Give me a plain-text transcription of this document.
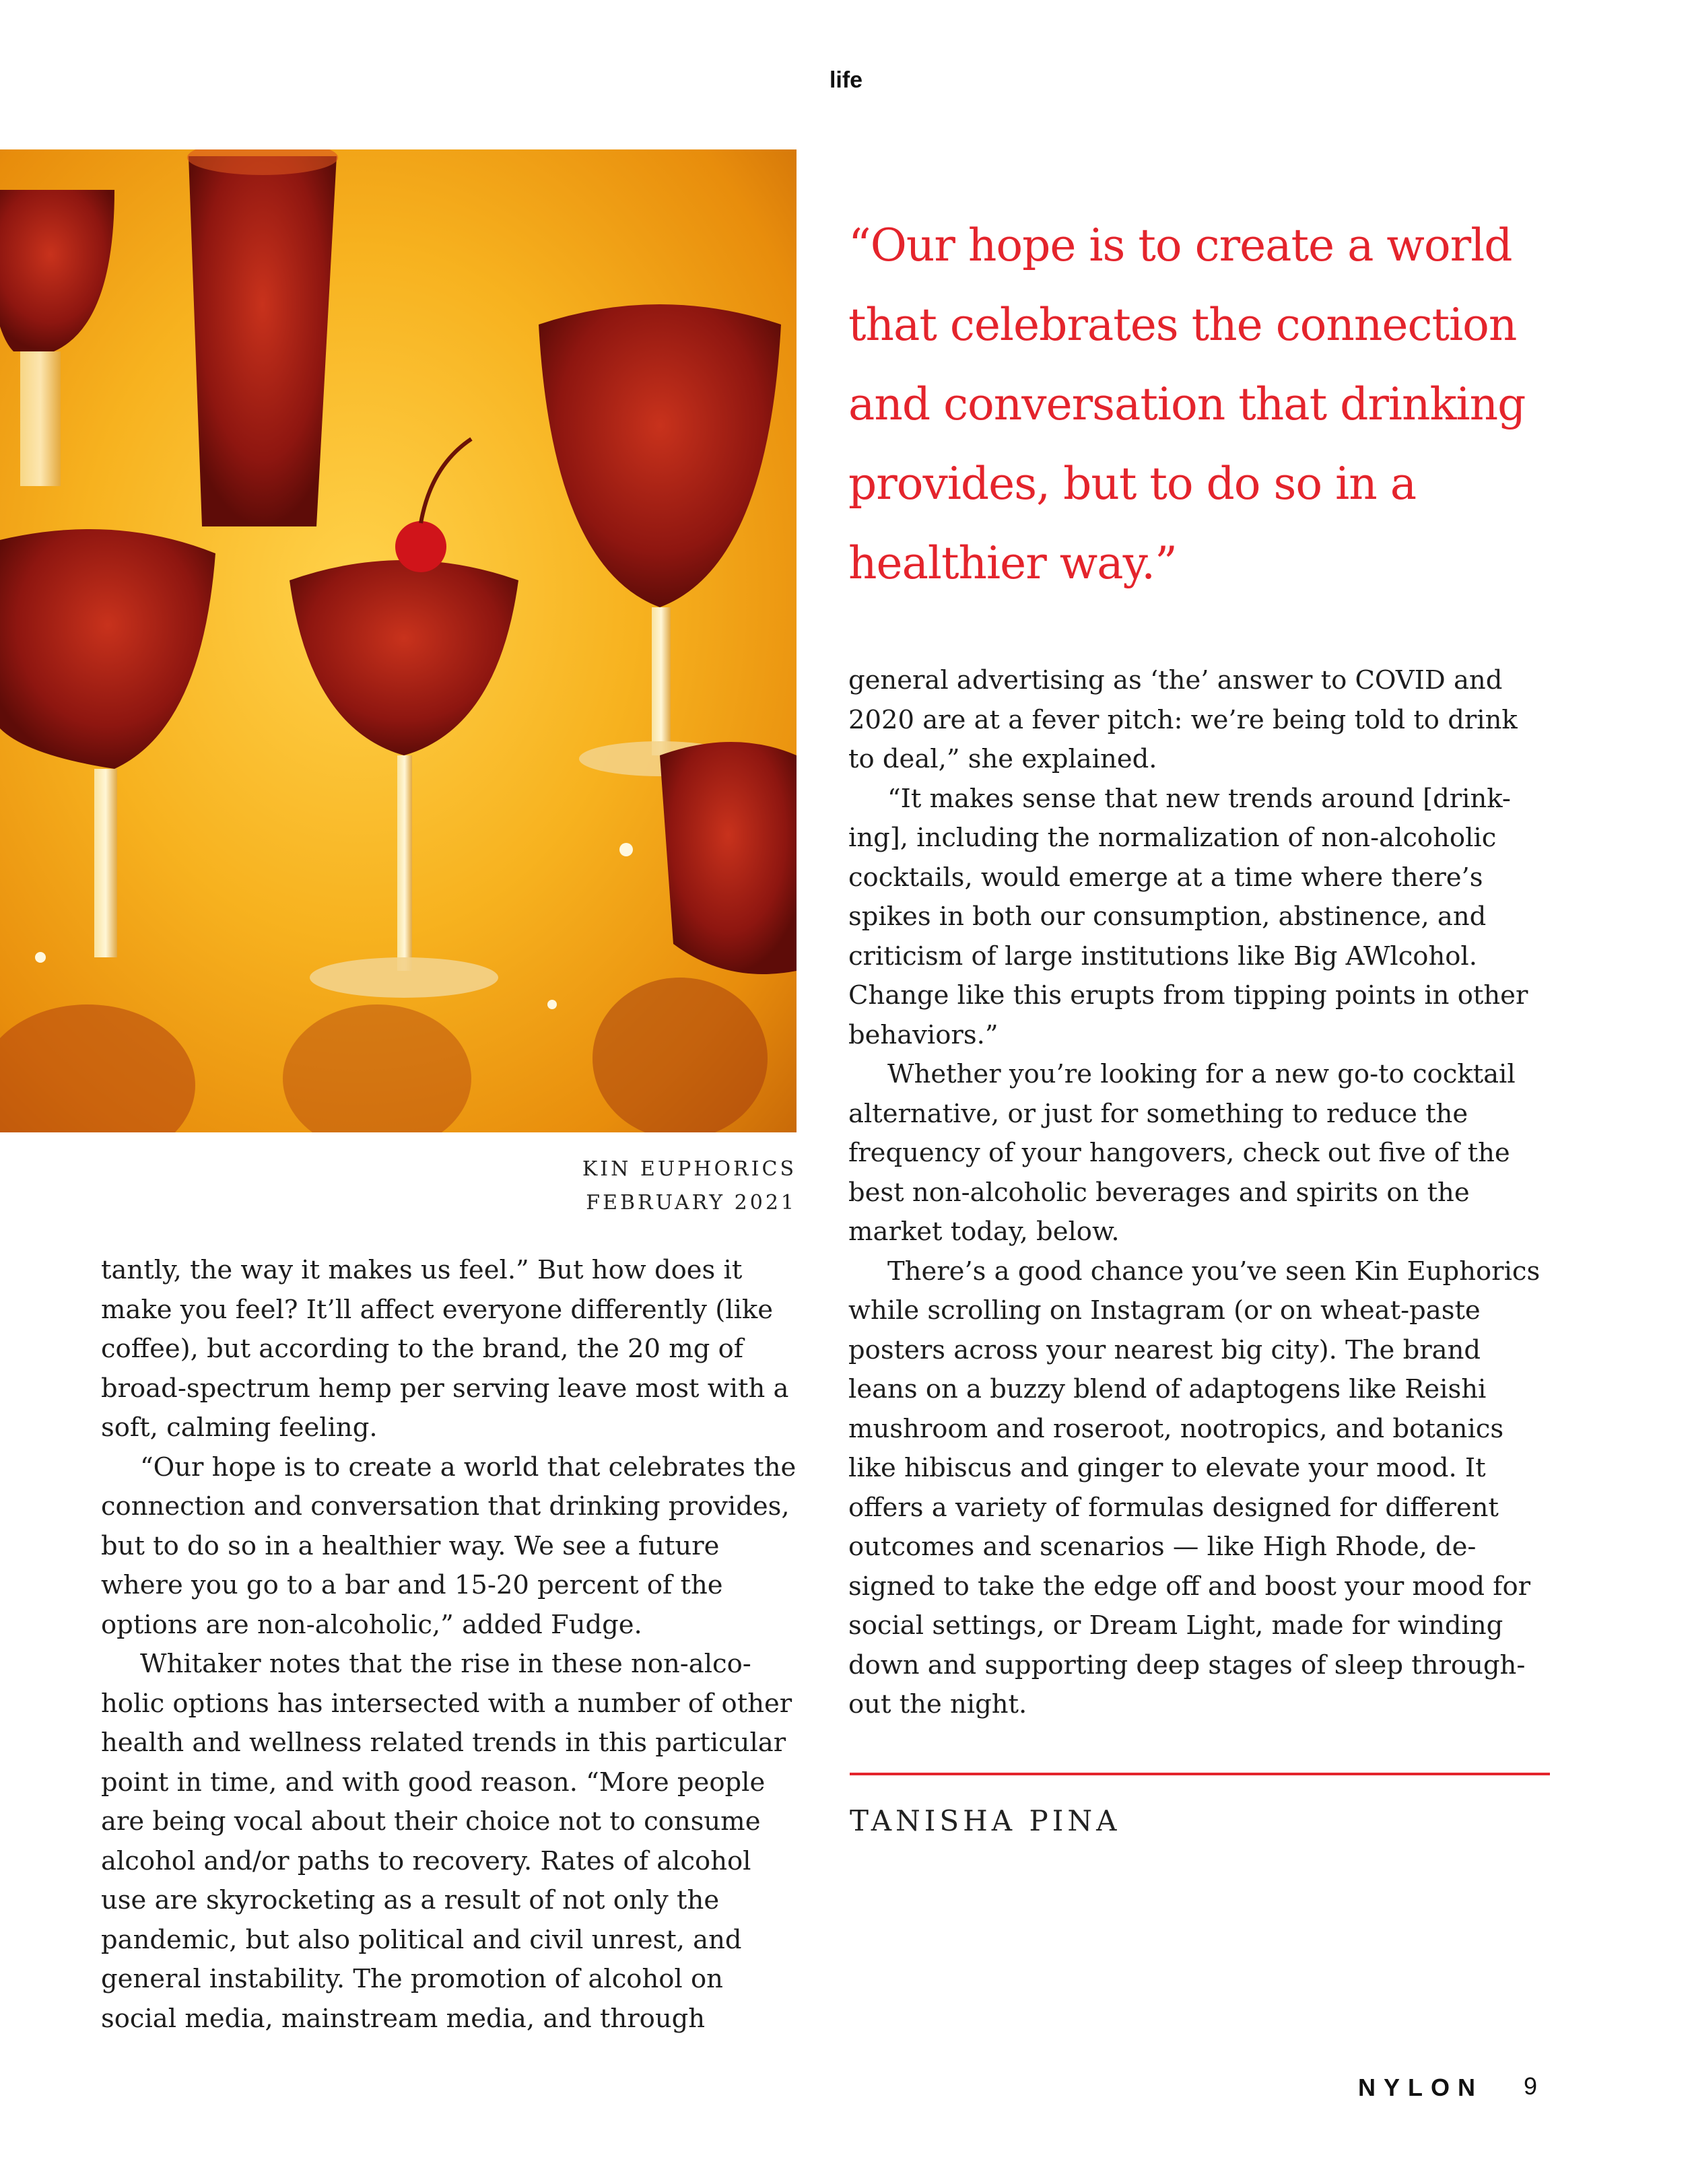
life
KIN EUPHORICS
FEBRUARY 2021
“Our hope is to create a world that celebrates the connection and conversation that drinking provides, but to do so in a healthier way.”

tantly, the way it makes us feel.” But how does it make you feel? It’ll affect everyone differently (like coffee), but according to the brand, the 20 mg of broad-spectrum hemp per serving leave most with a soft, calming feeling.

“Our hope is to create a world that celebrates the connection and conversation that drinking provides, but to do so in a healthier way. We see a future where you go to a bar and 15-20 percent of the options are non-alcoholic,” added Fudge.

Whitaker notes that the rise in these non-alco- holic options has intersected with a number of other health and wellness related trends in this particular point in time, and with good reason. “More people are being vocal about their choice not to consume alcohol and/or paths to recovery. Rates of alcohol use are skyrocketing as a result of not only the pandemic, but also political and civil unrest, and general instability. The promotion of alcohol on social media, mainstream media, and through

general advertising as ‘the’ answer to COVID and 2020 are at a fever pitch: we’re being told to drink to deal,” she explained.

“It makes sense that new trends around [drink- ing], including the normalization of non-alcoholic cocktails, would emerge at a time where there’s spikes in both our consumption, abstinence, and criticism of large institutions like Big AWlcohol. Change like this erupts from tipping points in other behaviors.”

Whether you’re looking for a new go-to cocktail alternative, or just for something to reduce the frequency of your hangovers, check out five of the best non-alcoholic beverages and spirits on the market today, below.

There’s a good chance you’ve seen Kin Euphorics while scrolling on Instagram (or on wheat-paste posters across your nearest big city). The brand leans on a buzzy blend of adaptogens like Reishi mushroom and roseroot, nootropics, and botanics like hibiscus and ginger to elevate your mood. It offers a variety of formulas designed for different outcomes and scenarios — like High Rhode, de- signed to take the edge off and boost your mood for social settings, or Dream Light, made for winding down and supporting deep stages of sleep through- out the night.

TANISHA PINA
NYLON 9
